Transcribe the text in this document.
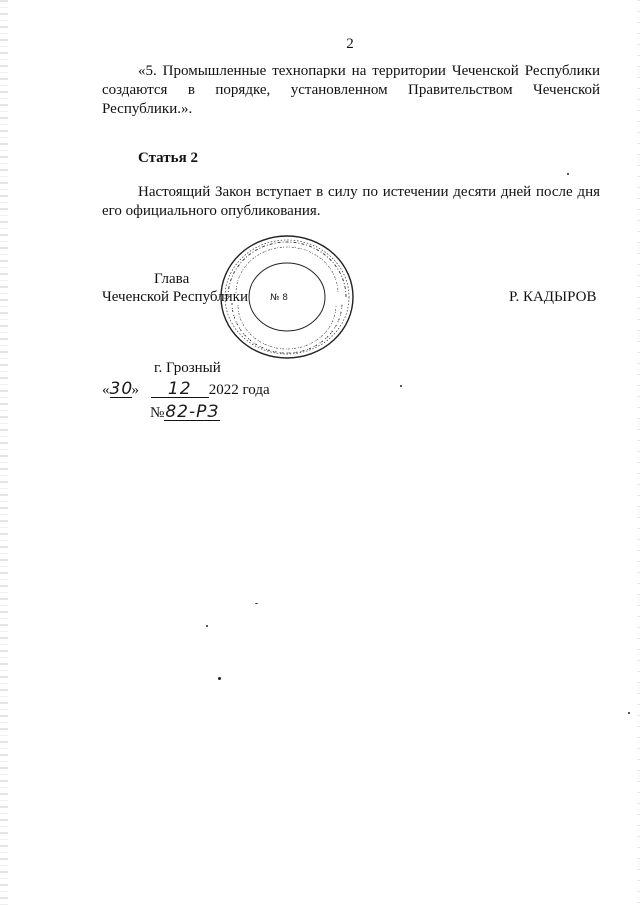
2
«5. Промышленные технопарки на территории Чеченской Республики
создаются в порядке, установленном Правительством Чеченской
Республики.».
Статья 2
Настоящий Закон вступает в силу по истечении десяти дней после дня
его официального опубликования.
№ 8
Глава
Чеченской Республики	Р. КАДЫРОВ
г. Грозный
«30» 12 2022 года
№82-РЗ
